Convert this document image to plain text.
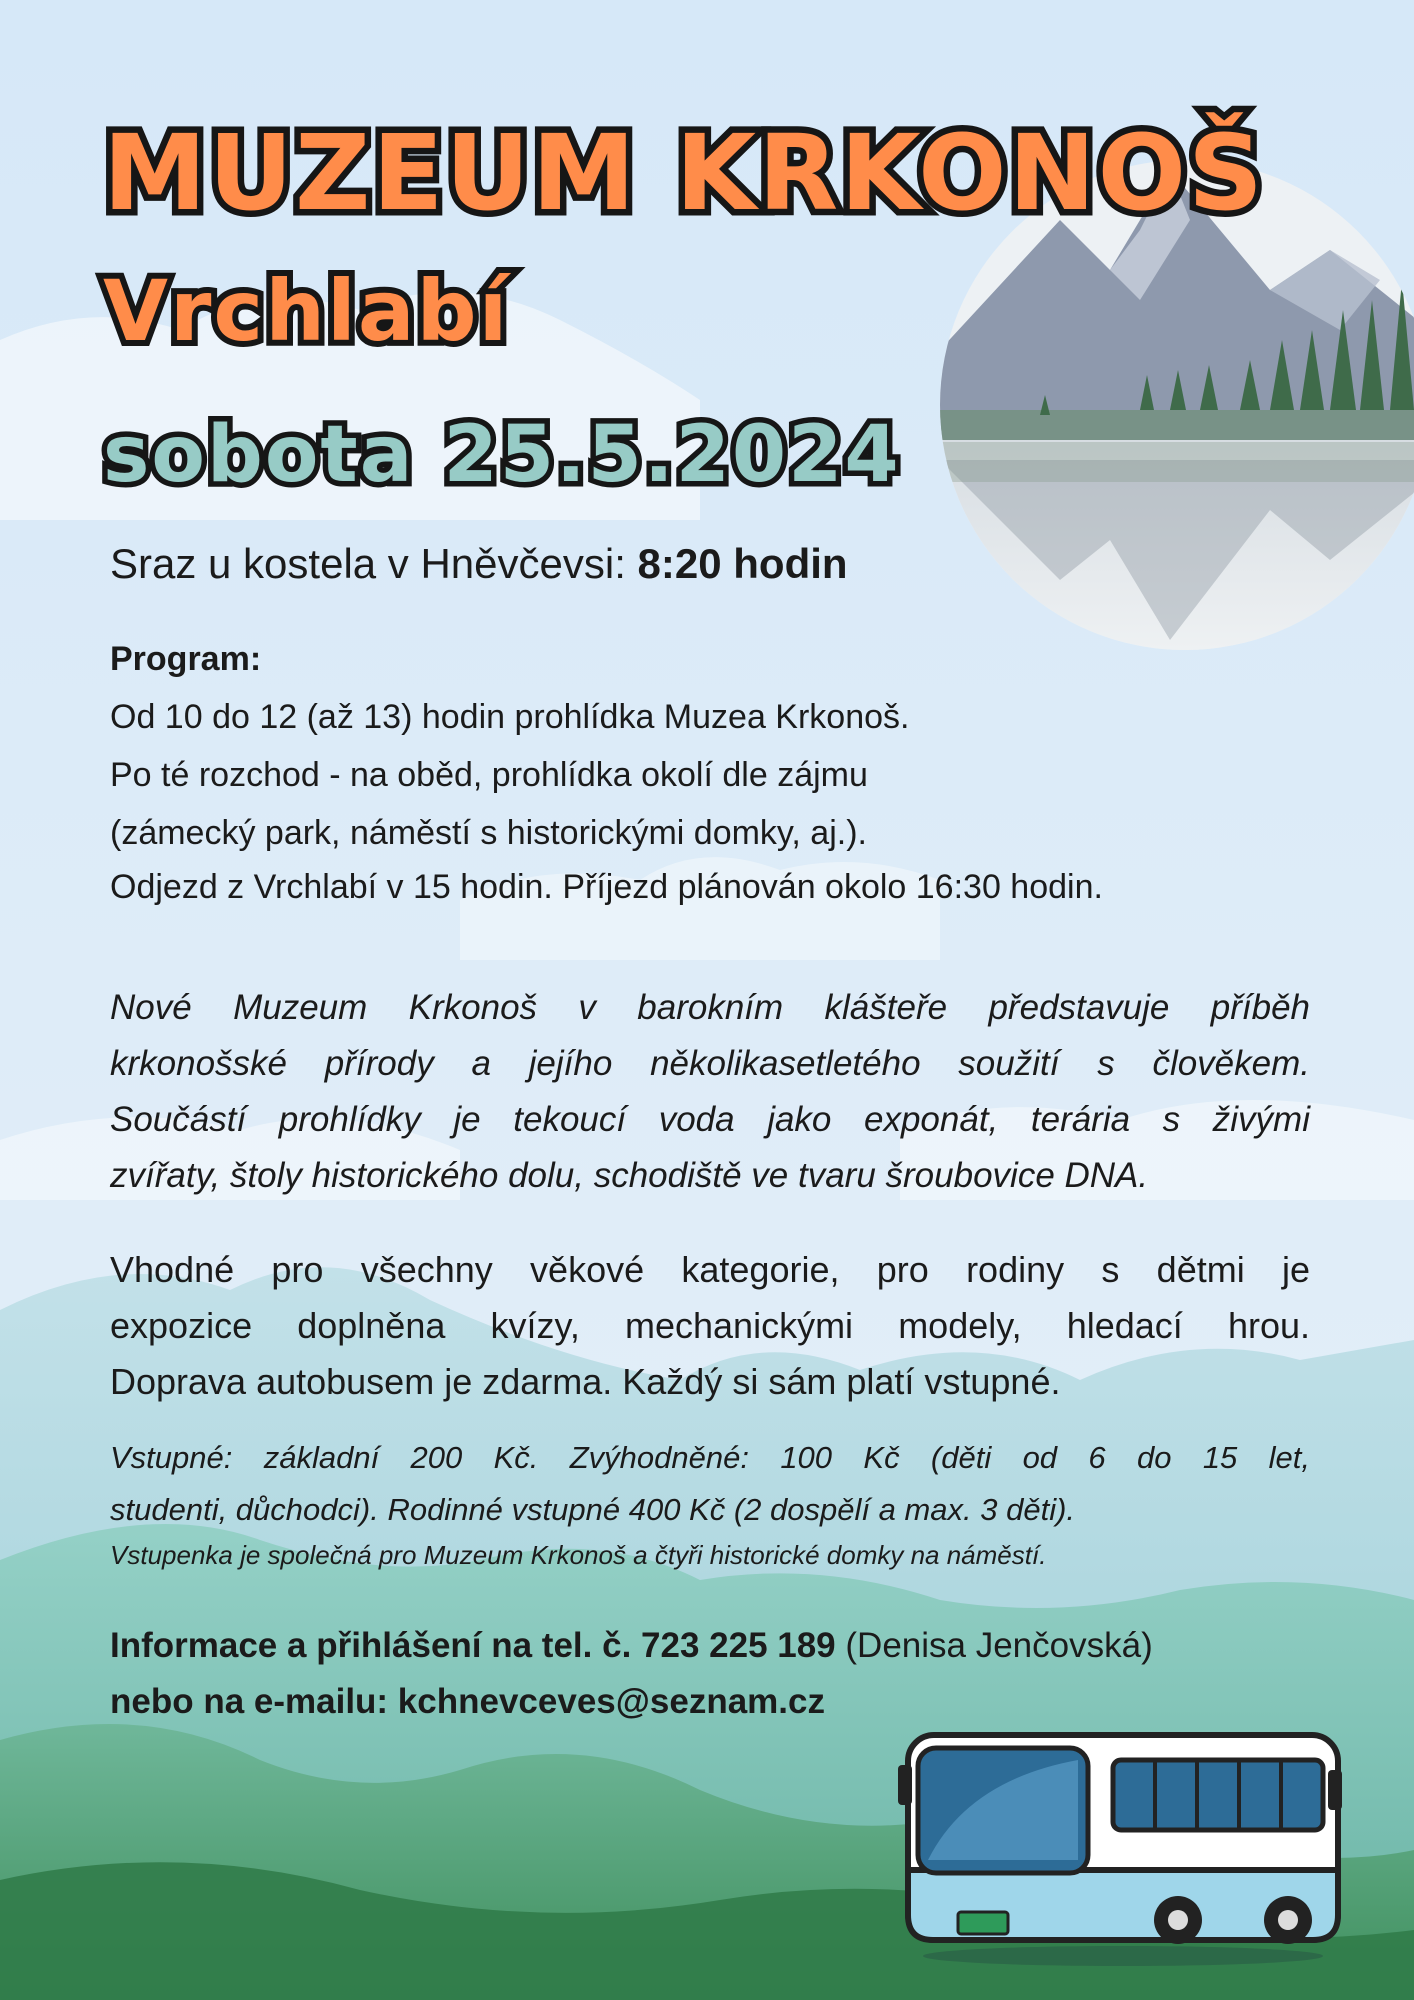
MUZEUM KRKONOŠ
Vrchlabí
sobota 25.5.2024
Sraz u kostela v Hněvčevsi: 8:20 hodin
Program:
Od 10 do 12 (až 13) hodin prohlídka Muzea Krkonoš.
Po té rozchod - na oběd, prohlídka okolí dle zájmu
(zámecký park, náměstí s historickými domky, aj.).
Odjezd z Vrchlabí v 15 hodin. Příjezd plánován okolo 16:30 hodin.
Nové Muzeum Krkonoš v barokním klášteře představuje příběh
krkonošské přírody a jejího několikasetletého soužití s člověkem.
Součástí prohlídky je tekoucí voda jako exponát, terária s živými
zvířaty, štoly historického dolu, schodiště ve tvaru šroubovice DNA.
Vhodné pro všechny věkové kategorie, pro rodiny s dětmi je
expozice doplněna kvízy, mechanickými modely, hledací hrou.
Doprava autobusem je zdarma. Každý si sám platí vstupné.
Vstupné: základní 200 Kč. Zvýhodněné: 100 Kč (děti od 6 do 15 let,
studenti, důchodci). Rodinné vstupné 400 Kč (2 dospělí a max. 3 děti).
Vstupenka je společná pro Muzeum Krkonoš a čtyři historické domky na náměstí.
Informace a přihlášení na tel. č. 723 225 189 (Denisa Jenčovská)
nebo na e-mailu: kchnevceves@seznam.cz
